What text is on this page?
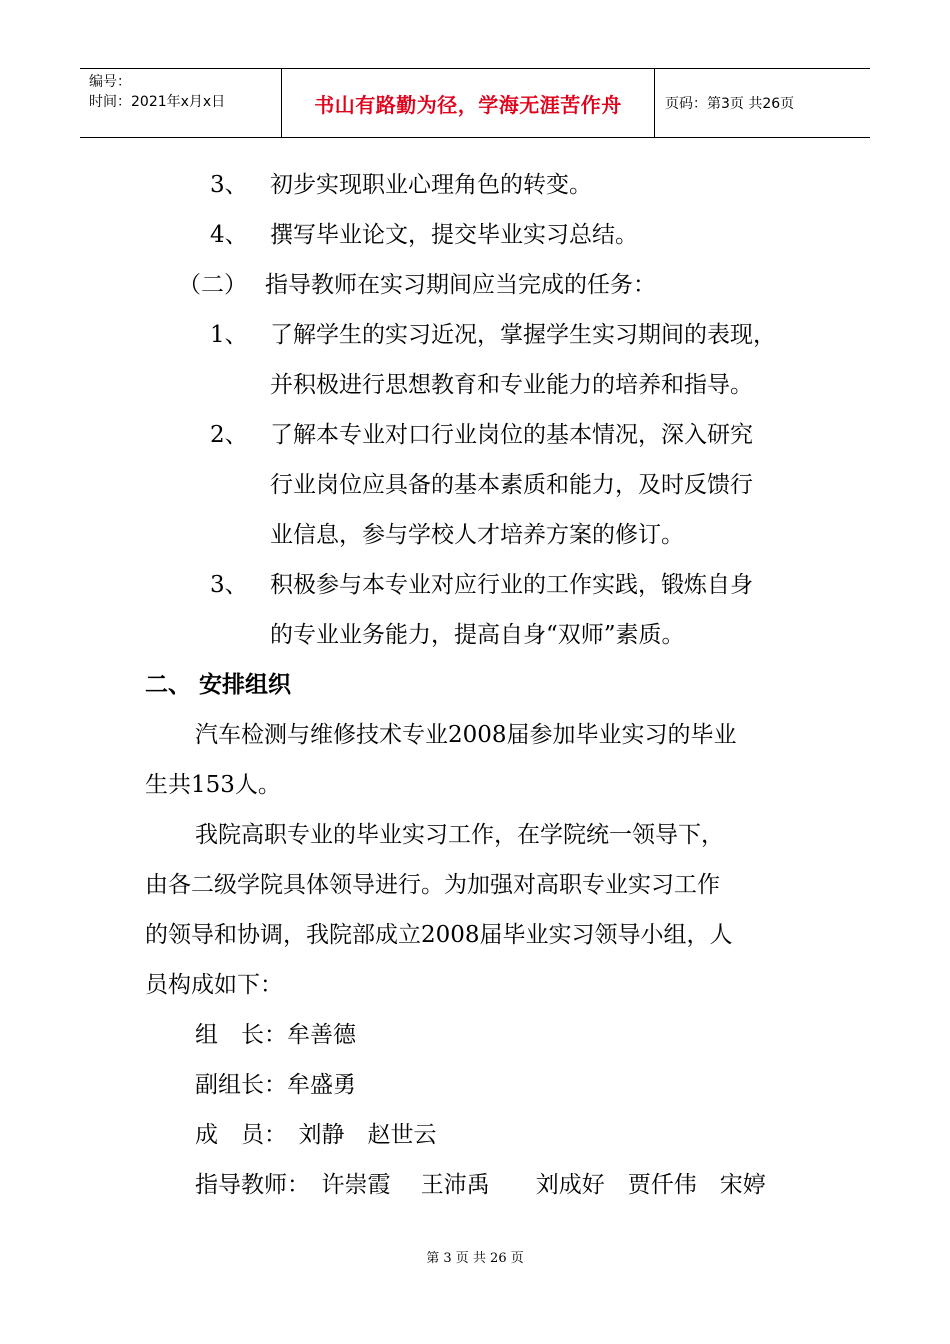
编号：
时间：2021年x月x日	书山有路勤为径，学海无涯苦作舟	页码：第3页 共26页
3、 初步实现职业心理角色的转变。
4、 撰写毕业论文，提交毕业实习总结。
（二） 指导教师在实习期间应当完成的任务：
1、 了解学生的实习近况，掌握学生实习期间的表现，
并积极进行思想教育和专业能力的培养和指导。
2、 了解本专业对口行业岗位的基本情况，深入研究
行业岗位应具备的基本素质和能力，及时反馈行
业信息，参与学校人才培养方案的修订。
3、 积极参与本专业对应行业的工作实践，锻炼自身
的专业业务能力，提高自身“双师”素质。
二、 安排组织
汽车检测与维修技术专业2008届参加毕业实习的毕业
生共153人。
我院高职专业的毕业实习工作，在学院统一领导下，
由各二级学院具体领导进行。为加强对高职专业实习工作
的领导和协调，我院部成立2008届毕业实习领导小组，人
员构成如下：
组　长：牟善德
副组长：牟盛勇
成　员：　刘静　赵世云
指导教师：　许崇霞　 王沛禹　　刘成好　贾仟伟　宋婷
第 3 页 共 26 页
